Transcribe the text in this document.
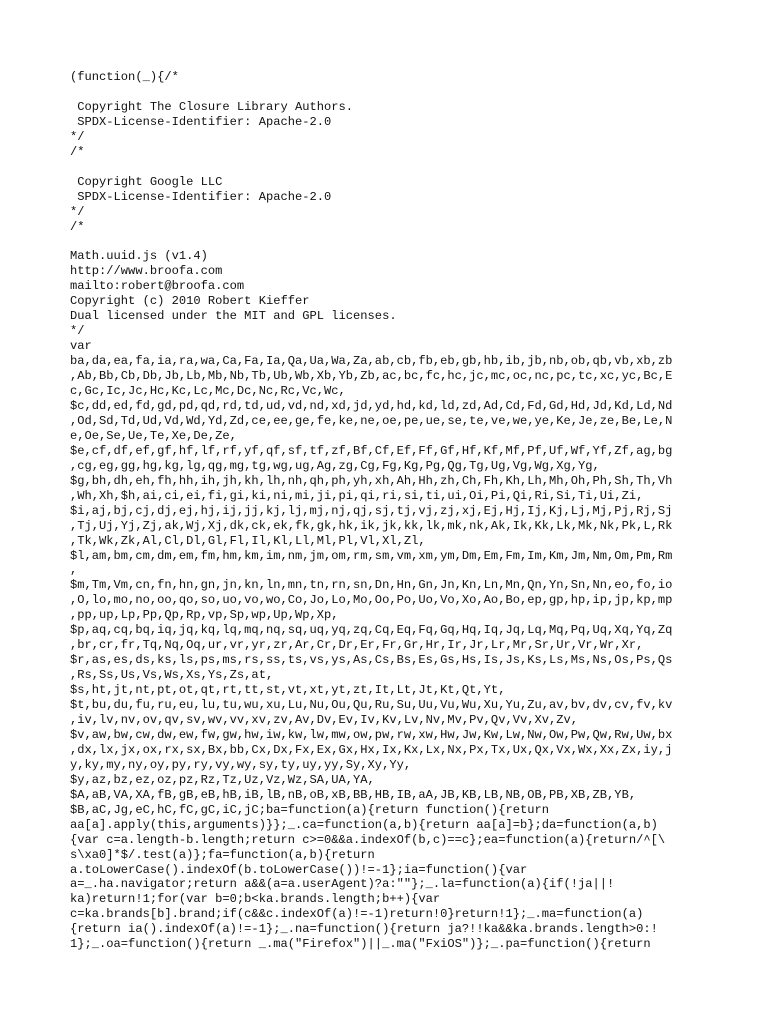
(function(_){/*

Copyright The Closure Library Authors.
SPDX-License-Identifier: Apache-2.0
*/
/*

Copyright Google LLC
SPDX-License-Identifier: Apache-2.0
*/
/*

Math.uuid.js (v1.4)
http://www.broofa.com
mailto:robert@broofa.com
Copyright (c) 2010 Robert Kieffer
Dual licensed under the MIT and GPL licenses.
*/
var
ba,da,ea,fa,ia,ra,wa,Ca,Fa,Ia,Qa,Ua,Wa,Za,ab,cb,fb,eb,gb,hb,ib,jb,nb,ob,qb,vb,xb,zb
,Ab,Bb,Cb,Db,Jb,Lb,Mb,Nb,Tb,Ub,Wb,Xb,Yb,Zb,ac,bc,fc,hc,jc,mc,oc,nc,pc,tc,xc,yc,Bc,E
c,Gc,Ic,Jc,Hc,Kc,Lc,Mc,Dc,Nc,Rc,Vc,Wc,
$c,dd,ed,fd,gd,pd,qd,rd,td,ud,vd,nd,xd,jd,yd,hd,kd,ld,zd,Ad,Cd,Fd,Gd,Hd,Jd,Kd,Ld,Nd
,Od,Sd,Td,Ud,Vd,Wd,Yd,Zd,ce,ee,ge,fe,ke,ne,oe,pe,ue,se,te,ve,we,ye,Ke,Je,ze,Be,Le,N
e,Oe,Se,Ue,Te,Xe,De,Ze,
$e,cf,df,ef,gf,hf,lf,rf,yf,qf,sf,tf,zf,Bf,Cf,Ef,Ff,Gf,Hf,Kf,Mf,Pf,Uf,Wf,Yf,Zf,ag,bg
,cg,eg,gg,hg,kg,lg,qg,mg,tg,wg,ug,Ag,zg,Cg,Fg,Kg,Pg,Qg,Tg,Ug,Vg,Wg,Xg,Yg,
$g,bh,dh,eh,fh,hh,ih,jh,kh,lh,nh,qh,ph,yh,xh,Ah,Hh,zh,Ch,Fh,Kh,Lh,Mh,Oh,Ph,Sh,Th,Vh
,Wh,Xh,$h,ai,ci,ei,fi,gi,ki,ni,mi,ji,pi,qi,ri,si,ti,ui,Oi,Pi,Qi,Ri,Si,Ti,Ui,Zi,
$i,aj,bj,cj,dj,ej,hj,ij,jj,kj,lj,mj,nj,qj,sj,tj,vj,zj,xj,Ej,Hj,Ij,Kj,Lj,Mj,Pj,Rj,Sj
,Tj,Uj,Yj,Zj,ak,Wj,Xj,dk,ck,ek,fk,gk,hk,ik,jk,kk,lk,mk,nk,Ak,Ik,Kk,Lk,Mk,Nk,Pk,L,Rk
,Tk,Wk,Zk,Al,Cl,Dl,Gl,Fl,Il,Kl,Ll,Ml,Pl,Vl,Xl,Zl,
$l,am,bm,cm,dm,em,fm,hm,km,im,nm,jm,om,rm,sm,vm,xm,ym,Dm,Em,Fm,Im,Km,Jm,Nm,Om,Pm,Rm
,
$m,Tm,Vm,cn,fn,hn,gn,jn,kn,ln,mn,tn,rn,sn,Dn,Hn,Gn,Jn,Kn,Ln,Mn,Qn,Yn,Sn,Nn,eo,fo,io
,O,lo,mo,no,oo,qo,so,uo,vo,wo,Co,Jo,Lo,Mo,Oo,Po,Uo,Vo,Xo,Ao,Bo,ep,gp,hp,ip,jp,kp,mp
,pp,up,Lp,Pp,Qp,Rp,vp,Sp,wp,Up,Wp,Xp,
$p,aq,cq,bq,iq,jq,kq,lq,mq,nq,sq,uq,yq,zq,Cq,Eq,Fq,Gq,Hq,Iq,Jq,Lq,Mq,Pq,Uq,Xq,Yq,Zq
,br,cr,fr,Tq,Nq,Oq,ur,vr,yr,zr,Ar,Cr,Dr,Er,Fr,Gr,Hr,Ir,Jr,Lr,Mr,Sr,Ur,Vr,Wr,Xr,
$r,as,es,ds,ks,ls,ps,ms,rs,ss,ts,vs,ys,As,Cs,Bs,Es,Gs,Hs,Is,Js,Ks,Ls,Ms,Ns,Os,Ps,Qs
,Rs,Ss,Us,Vs,Ws,Xs,Ys,Zs,at,
$s,ht,jt,nt,pt,ot,qt,rt,tt,st,vt,xt,yt,zt,It,Lt,Jt,Kt,Qt,Yt,
$t,bu,du,fu,ru,eu,lu,tu,wu,xu,Lu,Nu,Ou,Qu,Ru,Su,Uu,Vu,Wu,Xu,Yu,Zu,av,bv,dv,cv,fv,kv
,iv,lv,nv,ov,qv,sv,wv,vv,xv,zv,Av,Dv,Ev,Iv,Kv,Lv,Nv,Mv,Pv,Qv,Vv,Xv,Zv,
$v,aw,bw,cw,dw,ew,fw,gw,hw,iw,kw,lw,mw,ow,pw,rw,xw,Hw,Jw,Kw,Lw,Nw,Ow,Pw,Qw,Rw,Uw,bx
,dx,lx,jx,ox,rx,sx,Bx,bb,Cx,Dx,Fx,Ex,Gx,Hx,Ix,Kx,Lx,Nx,Px,Tx,Ux,Qx,Vx,Wx,Xx,Zx,iy,j
y,ky,my,ny,oy,py,ry,vy,wy,sy,ty,uy,yy,Sy,Xy,Yy,
$y,az,bz,ez,oz,pz,Rz,Tz,Uz,Vz,Wz,SA,UA,YA,
$A,aB,VA,XA,fB,gB,eB,hB,iB,lB,nB,oB,xB,BB,HB,IB,aA,JB,KB,LB,NB,OB,PB,XB,ZB,YB,
$B,aC,Jg,eC,hC,fC,gC,iC,jC;ba=function(a){return function(){return
aa[a].apply(this,arguments)}};_.ca=function(a,b){return aa[a]=b};da=function(a,b)
{var c=a.length-b.length;return c>=0&&a.indexOf(b,c)==c};ea=function(a){return/^[\
s\xa0]*$/.test(a)};fa=function(a,b){return
a.toLowerCase().indexOf(b.toLowerCase())!=-1};ia=function(){var
a=_.ha.navigator;return a&&(a=a.userAgent)?a:""};_.la=function(a){if(!ja||!
ka)return!1;for(var b=0;b<ka.brands.length;b++){var
c=ka.brands[b].brand;if(c&&c.indexOf(a)!=-1)return!0}return!1};_.ma=function(a)
{return ia().indexOf(a)!=-1};_.na=function(){return ja?!!ka&&ka.brands.length>0:!
1};_.oa=function(){return _.ma("Firefox")||_.ma("FxiOS")};_.pa=function(){return
